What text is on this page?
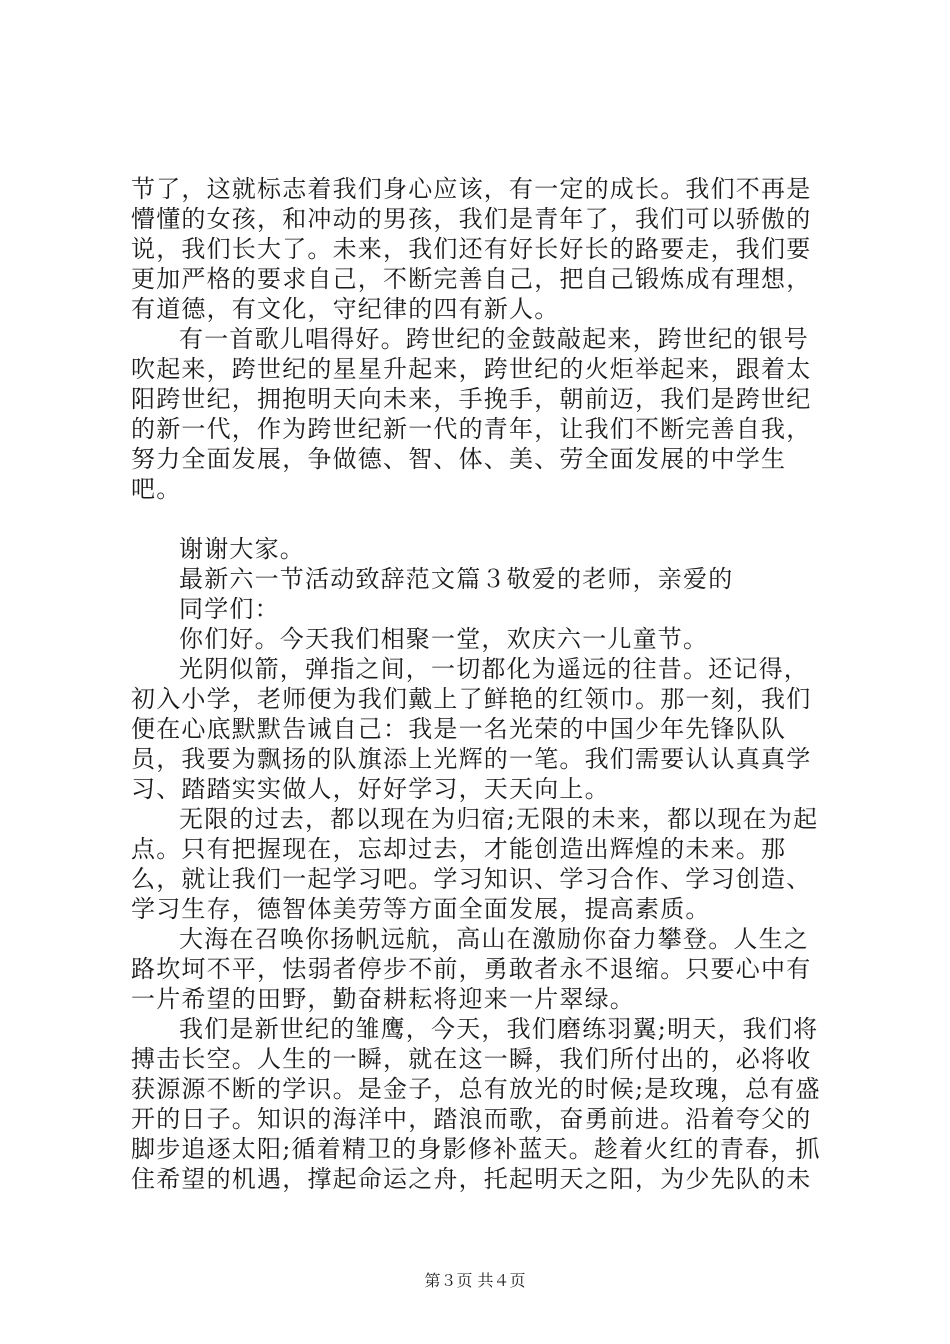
节了，这就标志着我们身心应该，有一定的成长。我们不再是懵懂的女孩，和冲动的男孩，我们是青年了，我们可以骄傲的说，我们长大了。未来，我们还有好长好长的路要走，我们要更加严格的要求自己，不断完善自己，把自己锻炼成有理想，有道德，有文化，守纪律的四有新人。

有一首歌儿唱得好。跨世纪的金鼓敲起来，跨世纪的银号吹起来，跨世纪的星星升起来，跨世纪的火炬举起来，跟着太阳跨世纪，拥抱明天向未来，手挽手，朝前迈，我们是跨世纪的新一代，作为跨世纪新一代的青年，让我们不断完善自我，努力全面发展，争做德、智、体、美、劳全面发展的中学生吧。

谢谢大家。

最新六一节活动致辞范文篇３敬爱的老师，亲爱的

同学们：

你们好。今天我们相聚一堂，欢庆六一儿童节。

光阴似箭，弹指之间，一切都化为遥远的往昔。还记得，初入小学，老师便为我们戴上了鲜艳的红领巾。那一刻，我们便在心底默默告诫自己：我是一名光荣的中国少年先锋队队员，我要为飘扬的队旗添上光辉的一笔。我们需要认认真真学习、踏踏实实做人，好好学习，天天向上。

无限的过去，都以现在为归宿;无限的未来，都以现在为起点。只有把握现在，忘却过去，才能创造出辉煌的未来。那么，就让我们一起学习吧。学习知识、学习合作、学习创造、学习生存，德智体美劳等方面全面发展，提高素质。

大海在召唤你扬帆远航，高山在激励你奋力攀登。人生之路坎坷不平，怯弱者停步不前，勇敢者永不退缩。只要心中有一片希望的田野，勤奋耕耘将迎来一片翠绿。

我们是新世纪的雏鹰，今天，我们磨练羽翼;明天，我们将搏击长空。人生的一瞬，就在这一瞬，我们所付出的，必将收获源源不断的学识。是金子，总有放光的时候;是玫瑰，总有盛开的日子。知识的海洋中，踏浪而歌，奋勇前进。沿着夸父的脚步追逐太阳;循着精卫的身影修补蓝天。趁着火红的青春，抓住希望的机遇，撑起命运之舟，托起明天之阳，为少先队的未

第３页 共４页
